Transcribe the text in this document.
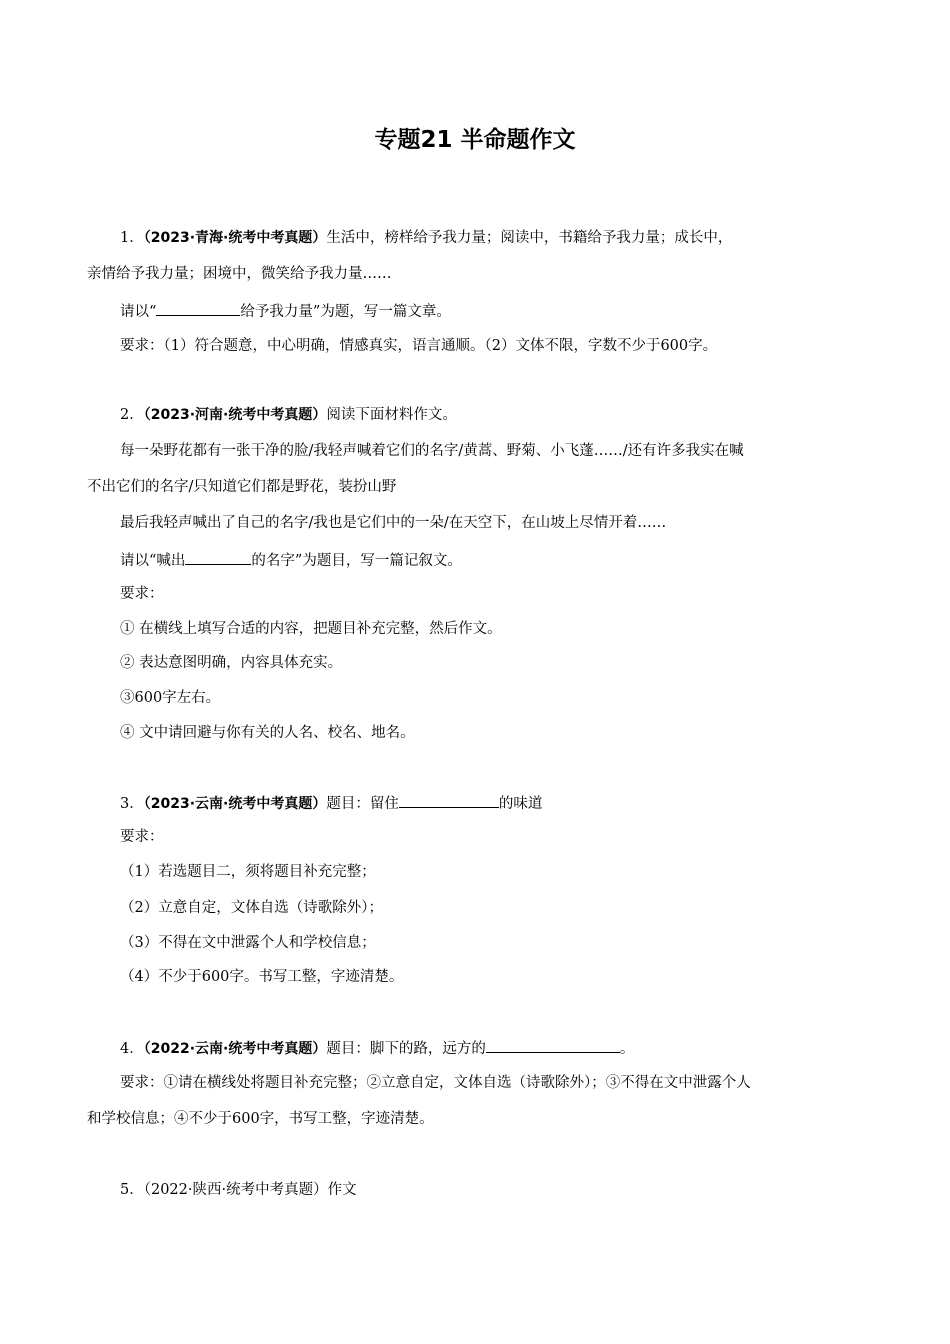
专题21 半命题作文
1．（2023·青海·统考中考真题）生活中，榜样给予我力量；阅读中，书籍给予我力量；成长中，
亲情给予我力量；困境中，微笑给予我力量……
请以“	给予我力量”为题，写一篇文章。
要求：（1）符合题意，中心明确，情感真实，语言通顺。（2）文体不限，字数不少于600字。
2．（2023·河南·统考中考真题）阅读下面材料作文。
每一朵野花都有一张干净的脸/我轻声喊着它们的名字/黄蒿、野菊、小飞蓬……/还有许多我实在喊
不出它们的名字/只知道它们都是野花，装扮山野
最后我轻声喊出了自己的名字/我也是它们中的一朵/在天空下，在山坡上尽情开着……
请以“喊出	的名字”为题目，写一篇记叙文。
要求：
① 在横线上填写合适的内容，把题目补充完整，然后作文。
② 表达意图明确，内容具体充实。
③600字左右。
④ 文中请回避与你有关的人名、校名、地名。
3．（2023·云南·统考中考真题）题目：留住	的味道
要求：
（1）若选题目二，须将题目补充完整；
（2）立意自定，文体自选（诗歌除外）；
（3）不得在文中泄露个人和学校信息；
（4）不少于600字。书写工整，字迹清楚。
4．（2022·云南·统考中考真题）题目：脚下的路，远方的	。
要求：①请在横线处将题目补充完整；②立意自定，文体自选（诗歌除外）；③不得在文中泄露个人
和学校信息；④不少于600字，书写工整，字迹清楚。
5．（2022·陕西·统考中考真题）作文
